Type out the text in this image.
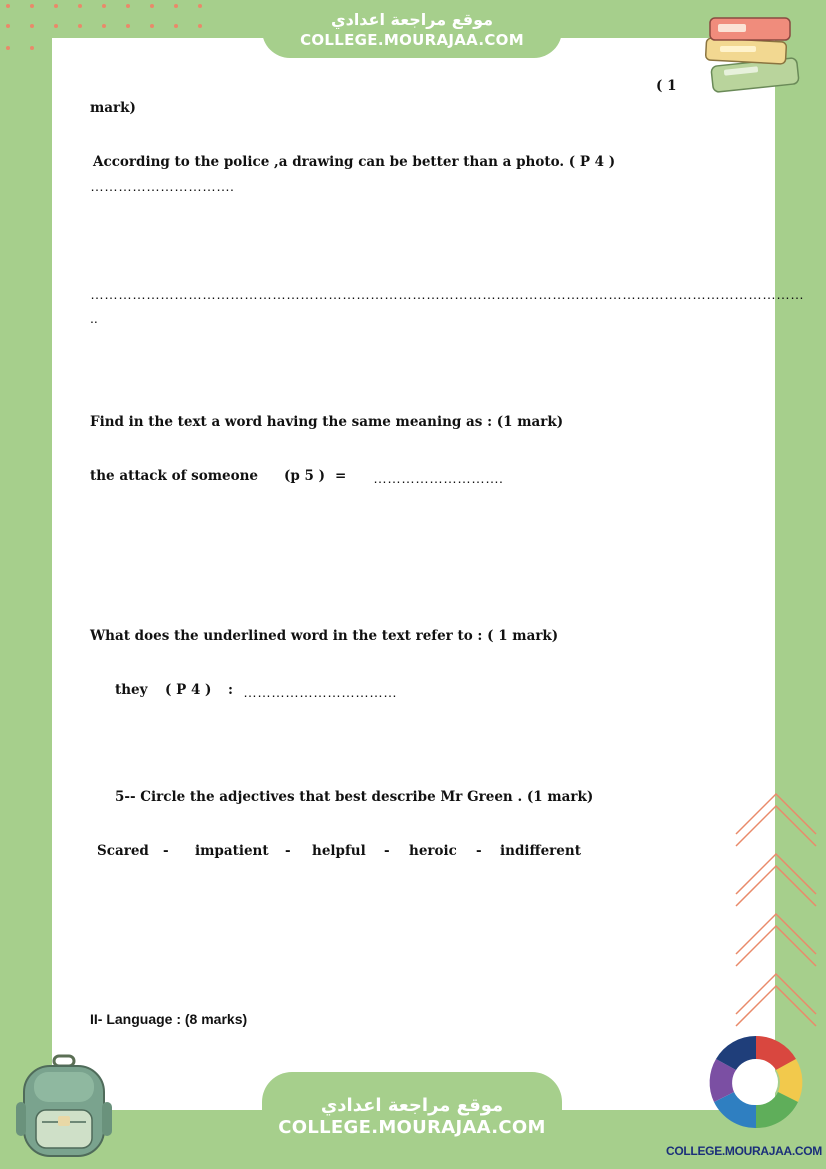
موقع مراجعة اعدادي
COLLEGE.MOURAJAA.COM

( 1

mark)

According to the police ,a drawing can be better than a photo. ( P 4 )

………………………….

………………………………………………………………………………………………………………………………………

..

Find in the text a word having the same meaning as : (1 mark)

the attack of someone (p 5 ) = ……………………….

What does the underlined word in the text refer to : ( 1 mark)

they ( P 4 ) : ……………………………

5-- Circle the adjectives that best describe Mr Green . (1 mark)

Scared - impatient - helpful - heroic - indifferent

II- Language : (8 marks)

موقع مراجعة اعدادي
COLLEGE.MOURAJAA.COM
COLLEGE.MOURAJAA.COM
